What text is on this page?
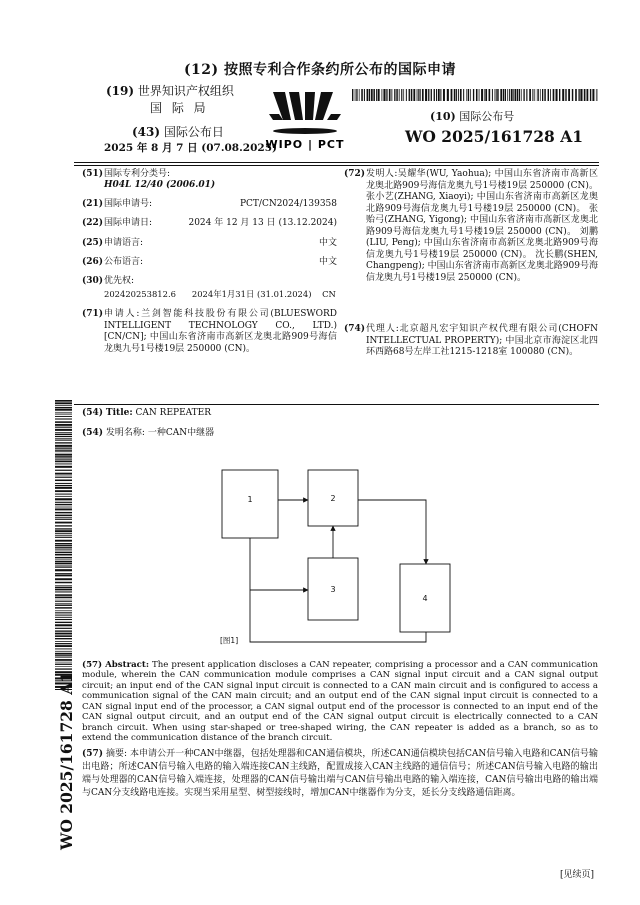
(12) 按照专利合作条约所公布的国际申请
(19) 世界知识产权组织
国 际 局
(43) 国际公布日
2025 年 8 月 7 日 (07.08.2025)
WIPO | PCT
(10) 国际公布号
WO 2025/161728 A1
(51) 国际专利分类号:
H04L 12/40 (2006.01)
(21) 国际申请号:	PCT/CN2024/139358
(22) 国际申请日:	2024 年 12 月 13 日 (13.12.2024)
(25) 申请语言:	中文
(26) 公布语言:	中文
(30) 优先权:
202420253812.6      2024年1月31日 (31.01.2024)    CN
(71) 申请人:兰剑智能科技股份有限公司(BLUESWORD INTELLIGENT TECHNOLOGY CO., LTD.) [CN/CN]; 中国山东省济南市高新区龙奥北路909号海信龙奥九号1号楼19层 250000 (CN)。
(72) 发明人:吴耀华(WU, Yaohua); 中国山东省济南市高新区龙奥北路909号海信龙奥九号1号楼19层 250000 (CN)。 张小艺(ZHANG, Xiaoyi); 中国山东省济南市高新区龙奥北路909号海信龙奥九号1号楼19层 250000 (CN)。 张贻弓(ZHANG, Yigong); 中国山东省济南市高新区龙奥北路909号海信龙奥九号1号楼19层 250000 (CN)。 刘鹏(LIU, Peng); 中国山东省济南市高新区龙奥北路909号海信龙奥九号1号楼19层 250000 (CN)。 沈长鹏(SHEN, Changpeng); 中国山东省济南市高新区龙奥北路909号海信龙奥九号1号楼19层 250000 (CN)。
(74) 代理人:北京超凡宏宇知识产权代理有限公司(CHOFN INTELLECTUAL PROPERTY); 中国北京市海淀区北四环西路68号左岸工社1215-1218室 100080 (CN)。
WO 2025/161728 A1
(54) Title: CAN REPEATER
(54) 发明名称: 一种CAN中继器
1	2
3
4
[图1]
(57) Abstract: The present application discloses a CAN repeater, comprising a processor and a CAN communication module, wherein the CAN communication module comprises a CAN signal input circuit and a CAN signal output circuit; an input end of the CAN signal input circuit is connected to a CAN main circuit and is configured to access a communication signal of the CAN main circuit; and an output end of the CAN signal input circuit is connected to a CAN signal input end of the processor, a CAN signal output end of the processor is connected to an input end of the CAN signal output circuit, and an output end of the CAN signal output circuit is electrically connected to a CAN branch circuit. When using star-shaped or tree-shaped wiring, the CAN repeater is added as a branch, so as to extend the communication distance of the branch circuit.
(57) 摘要: 本申请公开一种CAN中继器，包括处理器和CAN通信模块，所述CAN通信模块包括CAN信号输入电路和CAN信号输出电路；所述CAN信号输入电路的输入端连接CAN主线路，配置成接入CAN主线路的通信信号；所述CAN信号输入电路的输出端与处理器的CAN信号输入端连接，处理器的CAN信号输出端与CAN信号输出电路的输入端连接，CAN信号输出电路的输出端与CAN分支线路电连接。实现当采用星型、树型接线时，增加CAN中继器作为分支，延长分支线路通信距离。
[见续页]
